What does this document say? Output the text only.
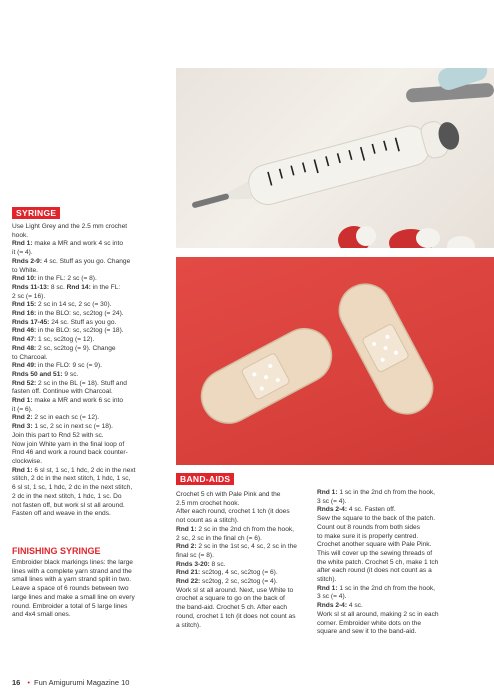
SYRINGE

Use Light Grey and the 2.5 mm crochet

hook.

Rnd 1: make a MR and work 4 sc into

it (= 4).

Rnds 2-9: 4 sc. Stuff as you go. Change

to White.

Rnd 10: in the FL: 2 sc (= 8).

Rnds 11-13: 8 sc. Rnd 14: in the FL:

2 sc (= 16).

Rnd 15: 2 sc in 14 sc, 2 sc (= 30).

Rnd 16: in the BLO: sc, sc2tog (= 24).

Rnds 17-45: 24 sc. Stuff as you go.

Rnd 46: in the BLO: sc, sc2tog (= 18).

Rnd 47: 1 sc, sc2tog (= 12).

Rnd 48: 2 sc, sc2tog (= 9). Change

to Charcoal.

Rnd 49: in the FLO: 9 sc (= 9).

Rnds 50 and 51: 9 sc.

Rnd 52: 2 sc in the BL (= 18). Stuff and

fasten off. Continue with Charcoal.

Rnd 1: make a MR and work 6 sc into

it (= 6).

Rnd 2: 2 sc in each sc (= 12).

Rnd 3: 1 sc, 2 sc in next sc (= 18).

Join this part to Rnd 52 with sc.

Now join White yarn in the final loop of

Rnd 46 and work a round back counter-

clockwise.

Rnd 1: 6 sl st, 1 sc, 1 hdc, 2 dc in the next

stitch, 2 dc in the next stitch, 1 hdc, 1 sc,

6 sl st, 1 sc, 1 hdc, 2 dc in the next stitch,

2 dc in the next stitch, 1 hdc, 1 sc. Do

not fasten off, but work sl st all around.

Fasten off and weave in the ends.

FINISHING SYRINGE

Embroider black markings lines: the large

lines with a complete yarn strand and the

small lines with a yarn strand split in two.

Leave a space of 6 rounds between two

large lines and make a small line on every

round. Embroider a total of 5 large lines

and 4x4 small ones.

BAND-AIDS

Crochet 5 ch with Pale Pink and the

2.5 mm crochet hook.

After each round, crochet 1 tch (it does

not count as a stitch).

Rnd 1: 2 sc in the 2nd ch from the hook,

2 sc, 2 sc in the final ch (= 6).

Rnd 2: 2 sc in the 1st sc, 4 sc, 2 sc in the

final sc (= 8).

Rnds 3-20: 8 sc.

Rnd 21: sc2tog, 4 sc, sc2tog (= 6).

Rnd 22: sc2tog, 2 sc, sc2tog (= 4).

Work sl st all around. Next, use White to

crochet a square to go on the back of

the band-aid. Crochet 5 ch. After each

round, crochet 1 tch (it does not count as

a stitch).

Rnd 1: 1 sc in the 2nd ch from the hook,

3 sc (= 4).

Rnds 2-4: 4 sc. Fasten off.

Sew the square to the back of the patch.

Count out 8 rounds from both sides

to make sure it is properly centred.

Crochet another square with Pale Pink.

This will cover up the sewing threads of

the white patch. Crochet 5 ch, make 1 tch

after each round (it does not count as a

stitch).

Rnd 1: 1 sc in the 2nd ch from the hook,

3 sc (= 4).

Rnds 2-4: 4 sc.

Work sl st all around, making 2 sc in each

corner. Embroider white dots on the

square and sew it to the band-aid.

16 • Fun Amigurumi Magazine 10
